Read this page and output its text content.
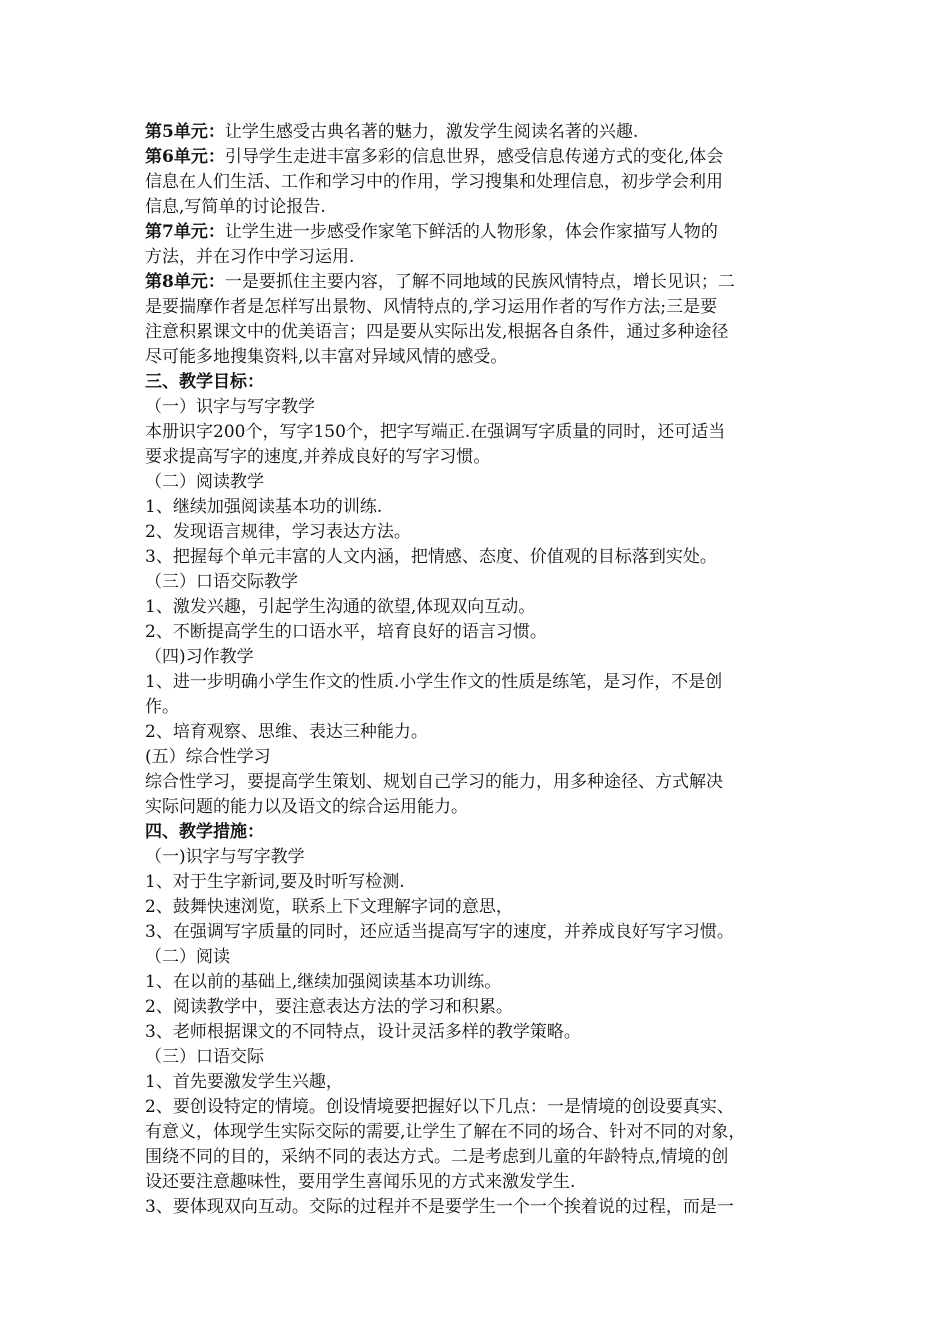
第5单元：让学生感受古典名著的魅力，激发学生阅读名著的兴趣.
第6单元：引导学生走进丰富多彩的信息世界，感受信息传递方式的变化,体会
信息在人们生活、工作和学习中的作用，学习搜集和处理信息，初步学会利用
信息,写简单的讨论报告.
第7单元：让学生进一步感受作家笔下鲜活的人物形象，体会作家描写人物的
方法，并在习作中学习运用.
第8单元：一是要抓住主要内容，了解不同地域的民族风情特点，增长见识；二
是要揣摩作者是怎样写出景物、风情特点的,学习运用作者的写作方法;三是要
注意积累课文中的优美语言；四是要从实际出发,根据各自条件，通过多种途径
尽可能多地搜集资料,以丰富对异域风情的感受。
三、教学目标：
（一）识字与写字教学
本册识字200个，写字150个，把字写端正.在强调写字质量的同时，还可适当
要求提高写字的速度,并养成良好的写字习惯。
（二）阅读教学
1、继续加强阅读基本功的训练.
2、发现语言规律，学习表达方法。
3、把握每个单元丰富的人文内涵，把情感、态度、价值观的目标落到实处。
（三）口语交际教学
1、激发兴趣，引起学生沟通的欲望,体现双向互动。
2、不断提高学生的口语水平，培育良好的语言习惯。
（四)习作教学
1、进一步明确小学生作文的性质.小学生作文的性质是练笔，是习作，不是创
作。
2、培育观察、思维、表达三种能力。
(五）综合性学习
综合性学习，要提高学生策划、规划自己学习的能力，用多种途径、方式解决
实际问题的能力以及语文的综合运用能力。
四、教学措施：
（一)识字与写字教学
1、对于生字新词,要及时听写检测.
2、鼓舞快速浏览，联系上下文理解字词的意思，
3、在强调写字质量的同时，还应适当提高写字的速度，并养成良好写字习惯。
（二）阅读
1、在以前的基础上,继续加强阅读基本功训练。
2、阅读教学中，要注意表达方法的学习和积累。
3、老师根据课文的不同特点，设计灵活多样的教学策略。
（三）口语交际
1、首先要激发学生兴趣，
2、要创设特定的情境。创设情境要把握好以下几点：一是情境的创设要真实、
有意义，体现学生实际交际的需要,让学生了解在不同的场合、针对不同的对象，
围绕不同的目的，采纳不同的表达方式。二是考虑到儿童的年龄特点,情境的创
设还要注意趣味性，要用学生喜闻乐见的方式来激发学生.
3、要体现双向互动。交际的过程并不是要学生一个一个挨着说的过程，而是一
